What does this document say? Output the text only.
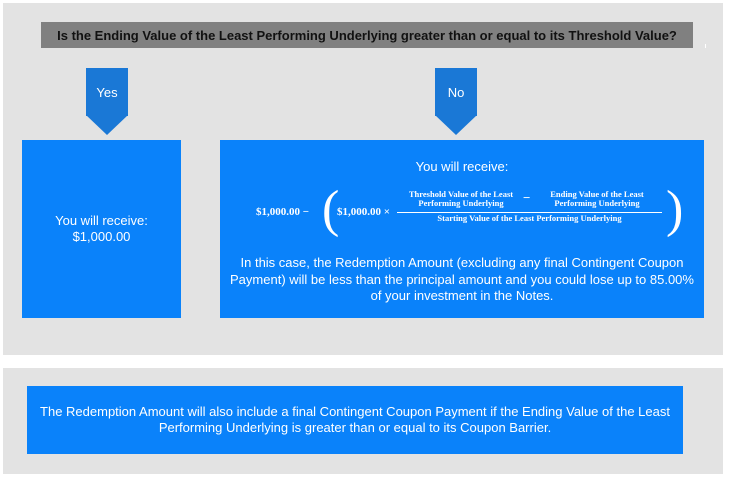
Is the Ending Value of the Least Performing Underlying greater than or equal to its Threshold Value?
Yes	No
You will receive:
$1,000.00
You will receive:
$1,000.00 − (
$1,000.00 ×
Threshold Value of the Least Performing Underlying	−	Ending Value of the Least Performing Underlying
Starting Value of the Least Performing Underlying )
In this case, the Redemption Amount (excluding any final Contingent Coupon Payment) will be less than the principal amount and you could lose up to 85.00% of your investment in the Notes.
The Redemption Amount will also include a final Contingent Coupon Payment if the Ending Value of the Least Performing Underlying is greater than or equal to its Coupon Barrier.
